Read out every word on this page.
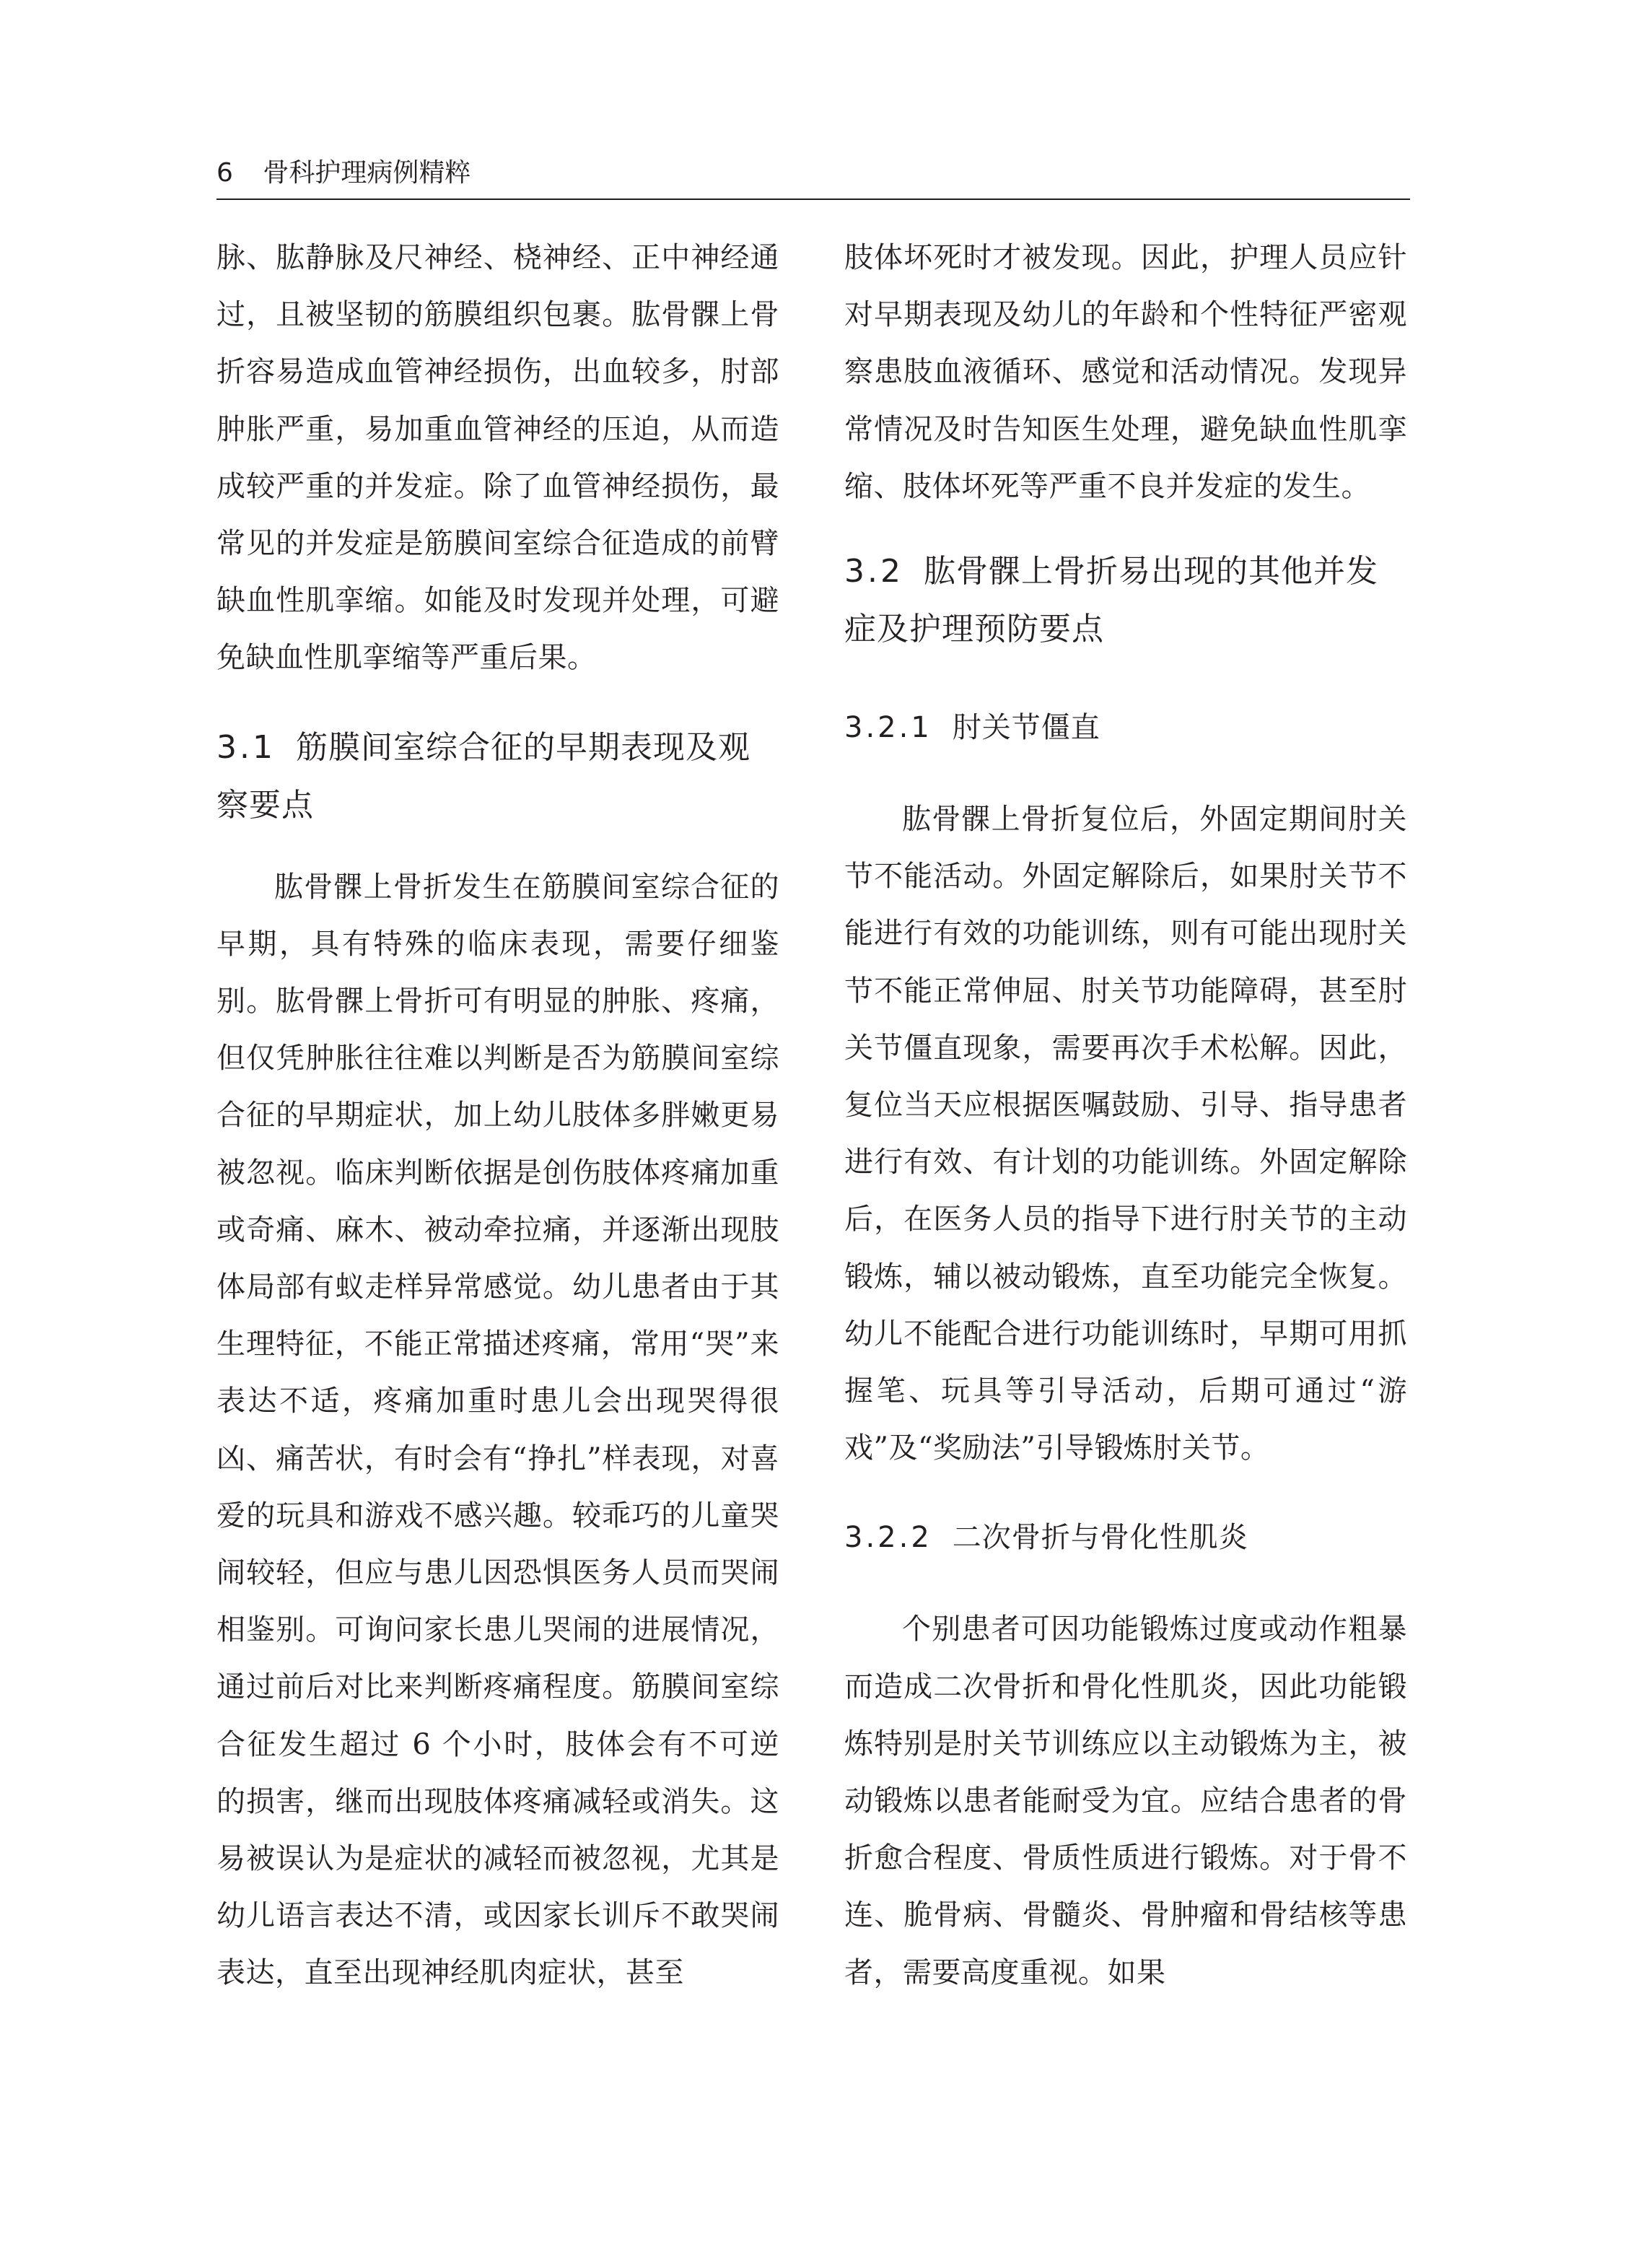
6 骨科护理病例精粹

脉、肱静脉及尺神经、桡神经、正中神经通过，且被坚韧的筋膜组织包裹。肱骨髁上骨折容易造成血管神经损伤，出血较多，肘部肿胀严重，易加重血管神经的压迫，从而造成较严重的并发症。除了血管神经损伤，最常见的并发症是筋膜间室综合征造成的前臂缺血性肌挛缩。如能及时发现并处理，可避免缺血性肌挛缩等严重后果。

3.1 筋膜间室综合征的早期表现及观察要点

肱骨髁上骨折发生在筋膜间室综合征的早期，具有特殊的临床表现，需要仔细鉴别。肱骨髁上骨折可有明显的肿胀、疼痛，但仅凭肿胀往往难以判断是否为筋膜间室综合征的早期症状，加上幼儿肢体多胖嫩更易被忽视。临床判断依据是创伤肢体疼痛加重或奇痛、麻木、被动牵拉痛，并逐渐出现肢体局部有蚁走样异常感觉。幼儿患者由于其生理特征，不能正常描述疼痛，常用“哭”来表达不适，疼痛加重时患儿会出现哭得很凶、痛苦状，有时会有“挣扎”样表现，对喜爱的玩具和游戏不感兴趣。较乖巧的儿童哭闹较轻，但应与患儿因恐惧医务人员而哭闹相鉴别。可询问家长患儿哭闹的进展情况，通过前后对比来判断疼痛程度。筋膜间室综合征发生超过 6 个小时，肢体会有不可逆的损害，继而出现肢体疼痛减轻或消失。这易被误认为是症状的减轻而被忽视，尤其是幼儿语言表达不清，或因家长训斥不敢哭闹表达，直至出现神经肌肉症状，甚至

肢体坏死时才被发现。因此，护理人员应针对早期表现及幼儿的年龄和个性特征严密观察患肢血液循环、感觉和活动情况。发现异常情况及时告知医生处理，避免缺血性肌挛缩、肢体坏死等严重不良并发症的发生。

3.2 肱骨髁上骨折易出现的其他并发症及护理预防要点
3.2.1 肘关节僵直

肱骨髁上骨折复位后，外固定期间肘关节不能活动。外固定解除后，如果肘关节不能进行有效的功能训练，则有可能出现肘关节不能正常伸屈、肘关节功能障碍，甚至肘关节僵直现象，需要再次手术松解。因此，复位当天应根据医嘱鼓励、引导、指导患者进行有效、有计划的功能训练。外固定解除后，在医务人员的指导下进行肘关节的主动锻炼，辅以被动锻炼，直至功能完全恢复。幼儿不能配合进行功能训练时，早期可用抓握笔、玩具等引导活动，后期可通过“游戏”及“奖励法”引导锻炼肘关节。

3.2.2 二次骨折与骨化性肌炎

个别患者可因功能锻炼过度或动作粗暴而造成二次骨折和骨化性肌炎，因此功能锻炼特别是肘关节训练应以主动锻炼为主，被动锻炼以患者能耐受为宜。应结合患者的骨折愈合程度、骨质性质进行锻炼。对于骨不连、脆骨病、骨髓炎、骨肿瘤和骨结核等患者，需要高度重视。如果
